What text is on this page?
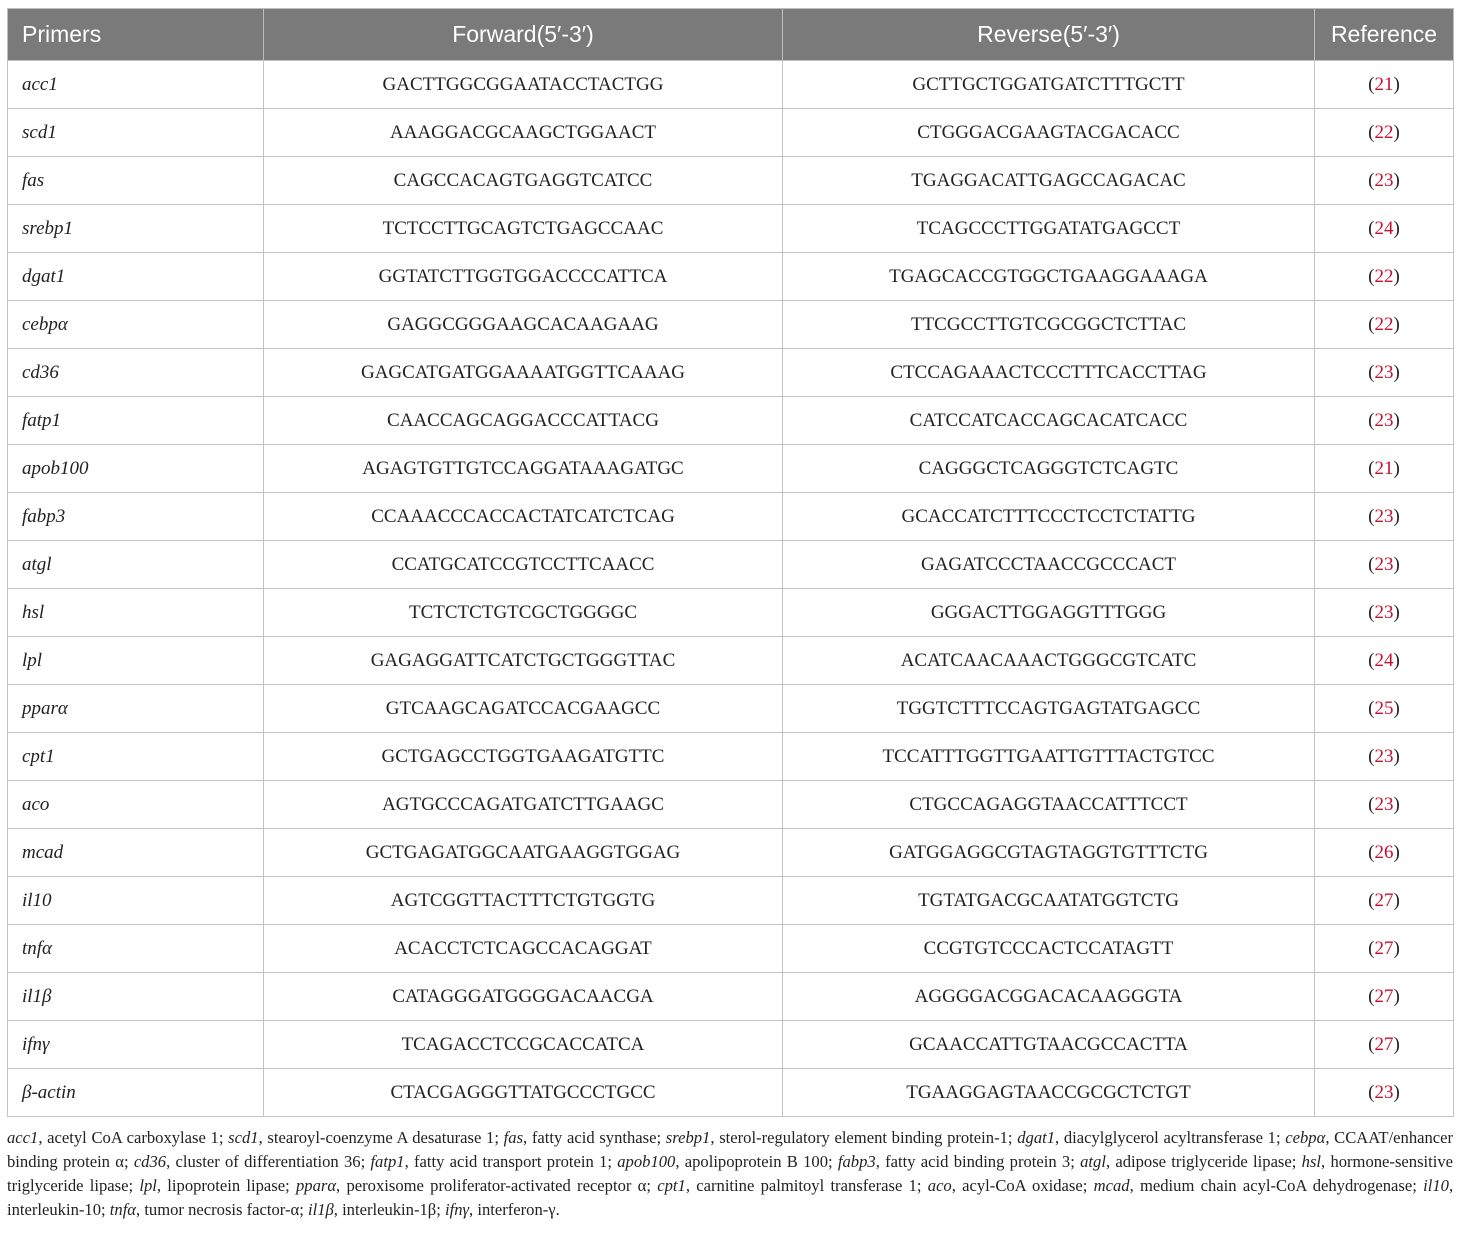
Primers	Forward(5′-3′)	Reverse(5′-3′)	Reference
acc1	GACTTGGCGGAATACCTACTGG	GCTTGCTGGATGATCTTTGCTT	(21)
scd1	AAAGGACGCAAGCTGGAACT	CTGGGACGAAGTACGACACC	(22)
fas	CAGCCACAGTGAGGTCATCC	TGAGGACATTGAGCCAGACAC	(23)
srebp1	TCTCCTTGCAGTCTGAGCCAAC	TCAGCCCTTGGATATGAGCCT	(24)
dgat1	GGTATCTTGGTGGACCCCATTCA	TGAGCACCGTGGCTGAAGGAAAGA	(22)
cebpα	GAGGCGGGAAGCACAAGAAG	TTCGCCTTGTCGCGGCTCTTAC	(22)
cd36	GAGCATGATGGAAAATGGTTCAAAG	CTCCAGAAACTCCCTTTCACCTTAG	(23)
fatp1	CAACCAGCAGGACCCATTACG	CATCCATCACCAGCACATCACC	(23)
apob100	AGAGTGTTGTCCAGGATAAAGATGC	CAGGGCTCAGGGTCTCAGTC	(21)
fabp3	CCAAACCCACCACTATCATCTCAG	GCACCATCTTTCCCTCCTCTATTG	(23)
atgl	CCATGCATCCGTCCTTCAACC	GAGATCCCTAACCGCCCACT	(23)
hsl	TCTCTCTGTCGCTGGGGC	GGGACTTGGAGGTTTGGG	(23)
lpl	GAGAGGATTCATCTGCTGGGTTAC	ACATCAACAAACTGGGCGTCATC	(24)
pparα	GTCAAGCAGATCCACGAAGCC	TGGTCTTTCCAGTGAGTATGAGCC	(25)
cpt1	GCTGAGCCTGGTGAAGATGTTC	TCCATTTGGTTGAATTGTTTACTGTCC	(23)
aco	AGTGCCCAGATGATCTTGAAGC	CTGCCAGAGGTAACCATTTCCT	(23)
mcad	GCTGAGATGGCAATGAAGGTGGAG	GATGGAGGCGTAGTAGGTGTTTCTG	(26)
il10	AGTCGGTTACTTTCTGTGGTG	TGTATGACGCAATATGGTCTG	(27)
tnfα	ACACCTCTCAGCCACAGGAT	CCGTGTCCCACTCCATAGTT	(27)
il1β	CATAGGGATGGGGACAACGA	AGGGGACGGACACAAGGGTA	(27)
ifnγ	TCAGACCTCCGCACCATCA	GCAACCATTGTAACGCCACTTA	(27)
β-actin	CTACGAGGGTTATGCCCTGCC	TGAAGGAGTAACCGCGCTCTGT	(23)
acc1, acetyl CoA carboxylase 1; scd1, stearoyl-coenzyme A desaturase 1; fas, fatty acid synthase; srebp1, sterol-regulatory element binding protein-1; dgat1, diacylglycerol acyltransferase 1; cebpα, CCAAT/enhancer binding protein α; cd36, cluster of differentiation 36; fatp1, fatty acid transport protein 1; apob100, apolipoprotein B 100; fabp3, fatty acid binding protein 3; atgl, adipose triglyceride lipase; hsl, hormone-sensitive triglyceride lipase; lpl, lipoprotein lipase; pparα, peroxisome proliferator-activated receptor α; cpt1, carnitine palmitoyl transferase 1; aco, acyl-CoA oxidase; mcad, medium chain acyl-CoA dehydrogenase; il10, interleukin-10; tnfα, tumor necrosis factor-α; il1β, interleukin-1β; ifnγ, interferon-γ.
